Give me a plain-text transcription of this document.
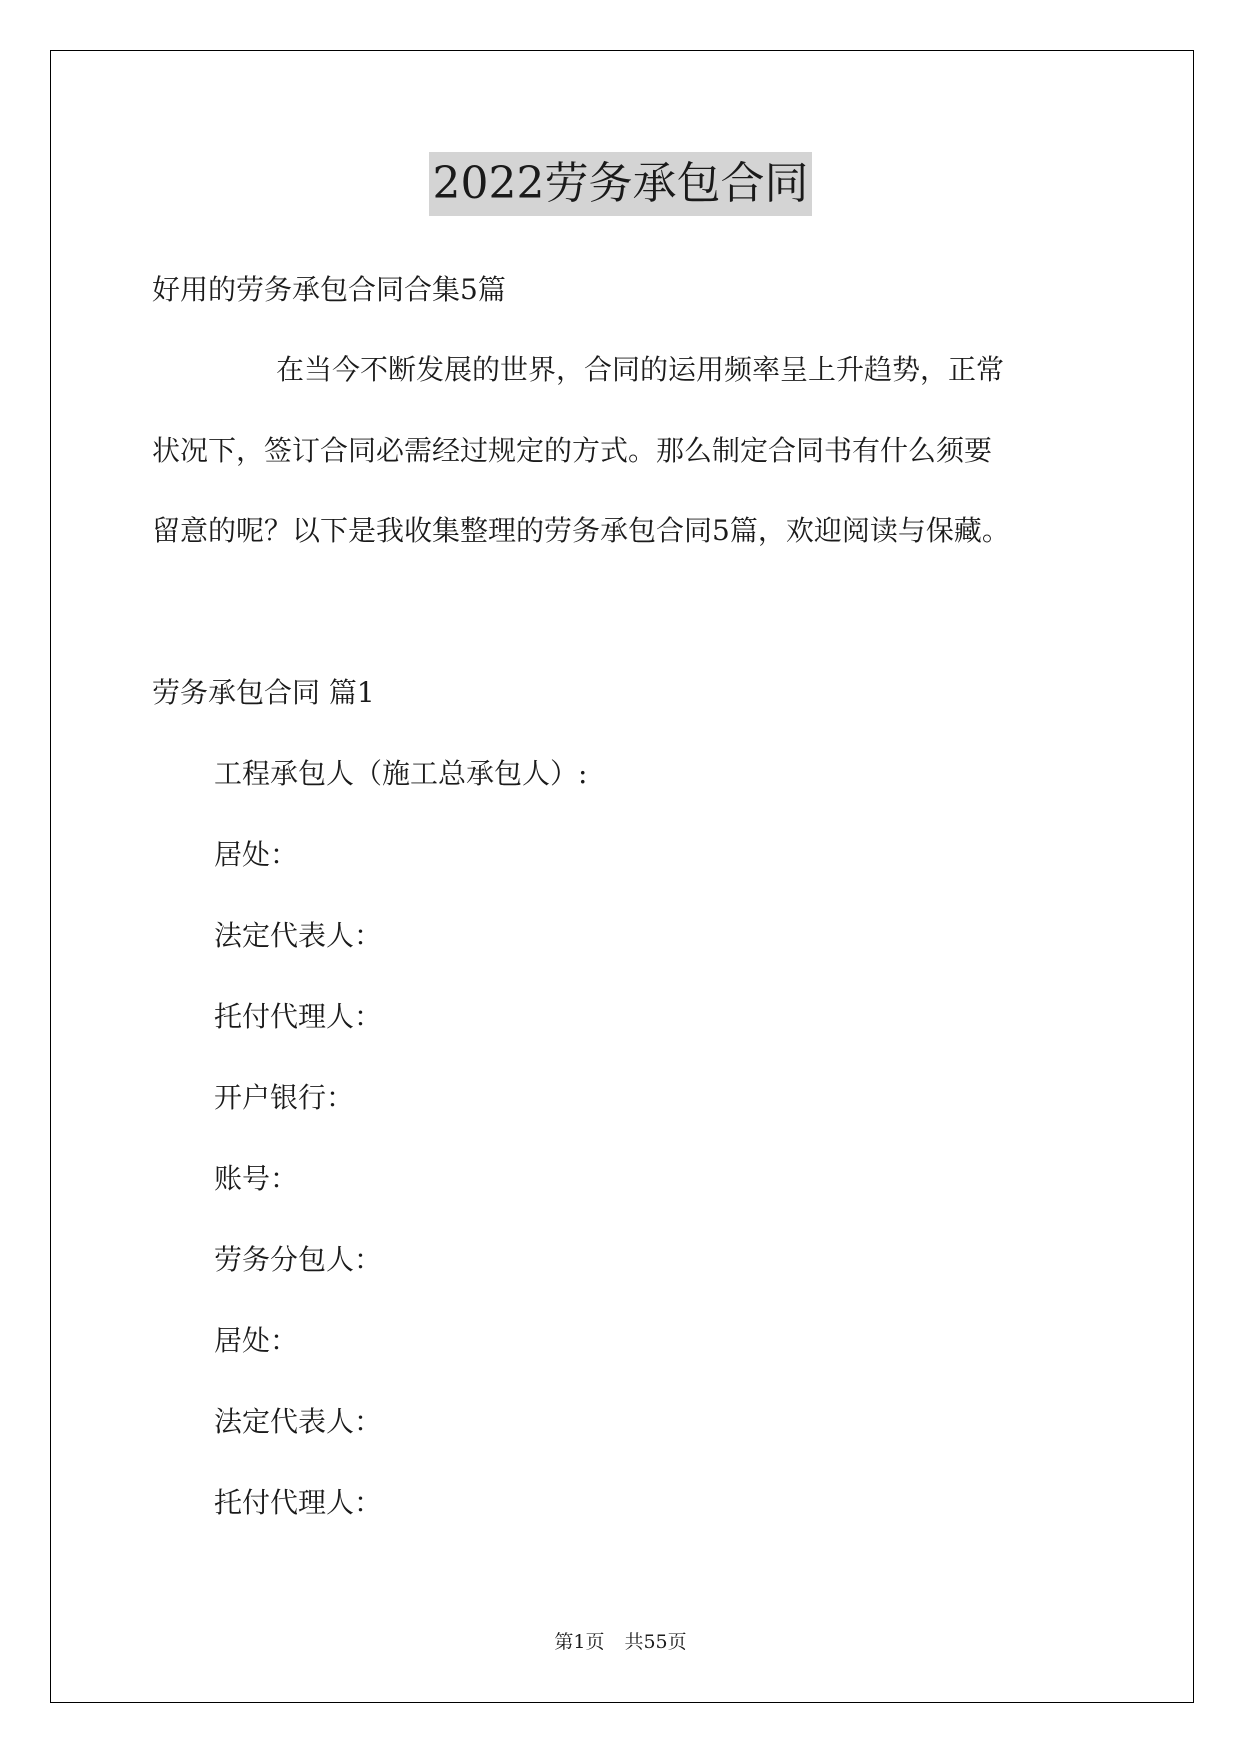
2022劳务承包合同
好用的劳务承包合同合集5篇
在当今不断发展的世界，合同的运用频率呈上升趋势，正常
状况下，签订合同必需经过规定的方式。那么制定合同书有什么须要
留意的呢？以下是我收集整理的劳务承包合同5篇，欢迎阅读与保藏。
劳务承包合同 篇1
工程承包人（施工总承包人）:
居处：
法定代表人：
托付代理人：
开户银行：
账号：
劳务分包人：
居处：
法定代表人：
托付代理人：
第1页 共55页
